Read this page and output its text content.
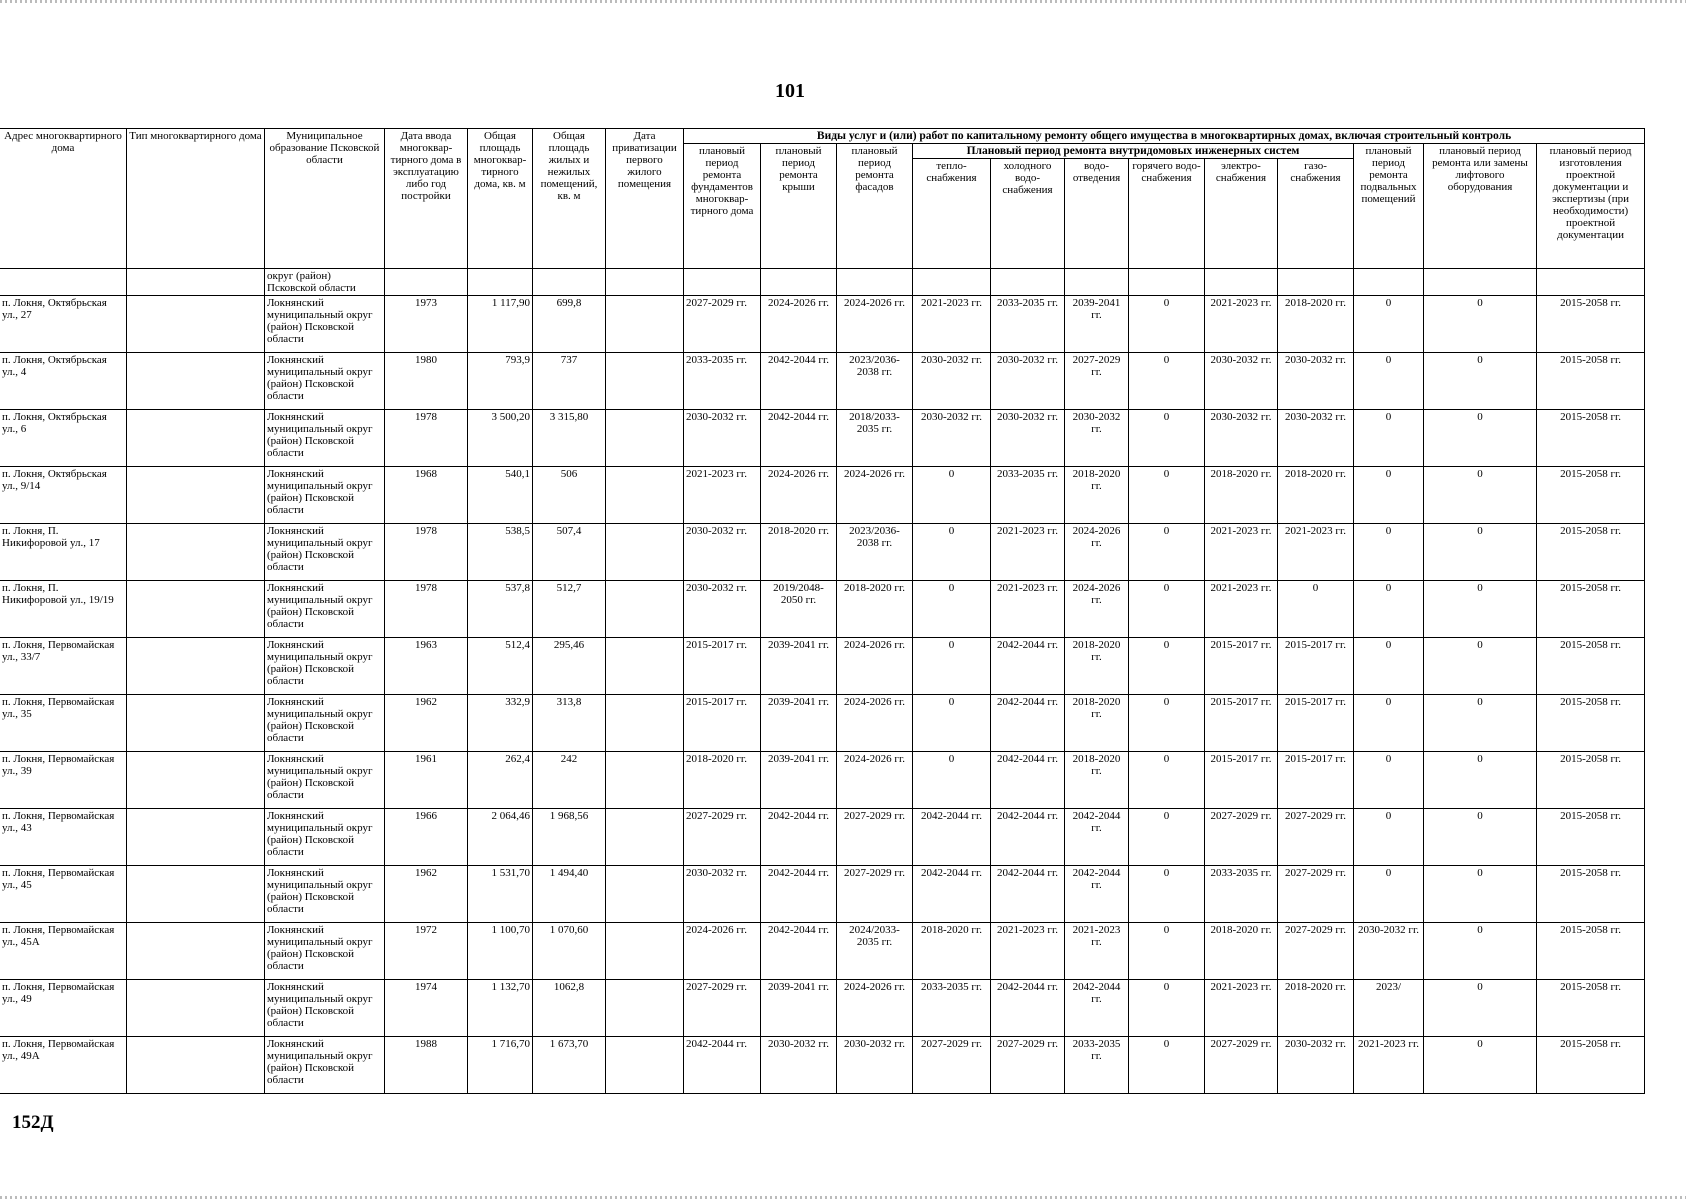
101
Адрес многоквартирного дома	Тип многоквартирного дома	Муниципальное образование Псковской области	Дата ввода многоквар-тирного дома в эксплуатацию либо год постройки	Общая площадь многоквар-тирного дома, кв. м	Общая площадь жилых и нежилых помещений, кв. м	Дата приватизации первого жилого помещения	Виды услуг и (или) работ по капитальному ремонту общего имущества в многоквартирных домах, включая строительный контроль											
							плановый период ремонта фундаментов многоквар-тирного дома	плановый период ремонта крыши	плановый период ремонта фасадов	Плановый период ремонта внутридомовых инженерных систем						плановый период ремонта подвальных помещений	плановый период ремонта или замены лифтового оборудования	плановый период изготовления проектной документации и экспертизы (при необходимости) проектной документации
										тепло-снабжения	холодного водо-снабжения	водо-отведения	горячего водо-снабжения	электро-снабжения	газо-снабжения			
		округ (район) Псковской области																
п. Локня, Октябрьская ул., 27		Локнянский муниципальный округ (район) Псковской области	1973	1 117,90	699,8		2027-2029 гг.	2024-2026 гг.	2024-2026 гг.	2021-2023 гг.	2033-2035 гг.	2039-2041 гг.	0	2021-2023 гг.	2018-2020 гг.	0	0	2015-2058 гг.
п. Локня, Октябрьская ул., 4		Локнянский муниципальный округ (район) Псковской области	1980	793,9	737		2033-2035 гг.	2042-2044 гг.	2023/2036-2038 гг.	2030-2032 гг.	2030-2032 гг.	2027-2029 гг.	0	2030-2032 гг.	2030-2032 гг.	0	0	2015-2058 гг.
п. Локня, Октябрьская ул., 6		Локнянский муниципальный округ (район) Псковской области	1978	3 500,20	3 315,80		2030-2032 гг.	2042-2044 гг.	2018/2033-2035 гг.	2030-2032 гг.	2030-2032 гг.	2030-2032 гг.	0	2030-2032 гг.	2030-2032 гг.	0	0	2015-2058 гг.
п. Локня, Октябрьская ул., 9/14		Локнянский муниципальный округ (район) Псковской области	1968	540,1	506		2021-2023 гг.	2024-2026 гг.	2024-2026 гг.	0	2033-2035 гг.	2018-2020 гг.	0	2018-2020 гг.	2018-2020 гг.	0	0	2015-2058 гг.
п. Локня, П. Никифоровой ул., 17		Локнянский муниципальный округ (район) Псковской области	1978	538,5	507,4		2030-2032 гг.	2018-2020 гг.	2023/2036-2038 гг.	0	2021-2023 гг.	2024-2026 гг.	0	2021-2023 гг.	2021-2023 гг.	0	0	2015-2058 гг.
п. Локня, П. Никифоровой ул., 19/19		Локнянский муниципальный округ (район) Псковской области	1978	537,8	512,7		2030-2032 гг.	2019/2048-2050 гг.	2018-2020 гг.	0	2021-2023 гг.	2024-2026 гг.	0	2021-2023 гг.	0	0	0	2015-2058 гг.
п. Локня, Первомайская ул., 33/7		Локнянский муниципальный округ (район) Псковской области	1963	512,4	295,46		2015-2017 гг.	2039-2041 гг.	2024-2026 гг.	0	2042-2044 гг.	2018-2020 гг.	0	2015-2017 гг.	2015-2017 гг.	0	0	2015-2058 гг.
п. Локня, Первомайская ул., 35		Локнянский муниципальный округ (район) Псковской области	1962	332,9	313,8		2015-2017 гг.	2039-2041 гг.	2024-2026 гг.	0	2042-2044 гг.	2018-2020 гг.	0	2015-2017 гг.	2015-2017 гг.	0	0	2015-2058 гг.
п. Локня, Первомайская ул., 39		Локнянский муниципальный округ (район) Псковской области	1961	262,4	242		2018-2020 гг.	2039-2041 гг.	2024-2026 гг.	0	2042-2044 гг.	2018-2020 гг.	0	2015-2017 гг.	2015-2017 гг.	0	0	2015-2058 гг.
п. Локня, Первомайская ул., 43		Локнянский муниципальный округ (район) Псковской области	1966	2 064,46	1 968,56		2027-2029 гг.	2042-2044 гг.	2027-2029 гг.	2042-2044 гг.	2042-2044 гг.	2042-2044 гг.	0	2027-2029 гг.	2027-2029 гг.	0	0	2015-2058 гг.
п. Локня, Первомайская ул., 45		Локнянский муниципальный округ (район) Псковской области	1962	1 531,70	1 494,40		2030-2032 гг.	2042-2044 гг.	2027-2029 гг.	2042-2044 гг.	2042-2044 гг.	2042-2044 гг.	0	2033-2035 гг.	2027-2029 гг.	0	0	2015-2058 гг.
п. Локня, Первомайская ул., 45А		Локнянский муниципальный округ (район) Псковской области	1972	1 100,70	1 070,60		2024-2026 гг.	2042-2044 гг.	2024/2033-2035 гг.	2018-2020 гг.	2021-2023 гг.	2021-2023 гг.	0	2018-2020 гг.	2027-2029 гг.	2030-2032 гг.	0	2015-2058 гг.
п. Локня, Первомайская ул., 49		Локнянский муниципальный округ (район) Псковской области	1974	1 132,70	1062,8		2027-2029 гг.	2039-2041 гг.	2024-2026 гг.	2033-2035 гг.	2042-2044 гг.	2042-2044 гг.	0	2021-2023 гг.	2018-2020 гг.	2023/	0	2015-2058 гг.
п. Локня, Первомайская ул., 49А		Локнянский муниципальный округ (район) Псковской области	1988	1 716,70	1 673,70		2042-2044 гг.	2030-2032 гг.	2030-2032 гг.	2027-2029 гг.	2027-2029 гг.	2033-2035 гг.	0	2027-2029 гг.	2030-2032 гг.	2021-2023 гг.	0	2015-2058 гг.
152Д
